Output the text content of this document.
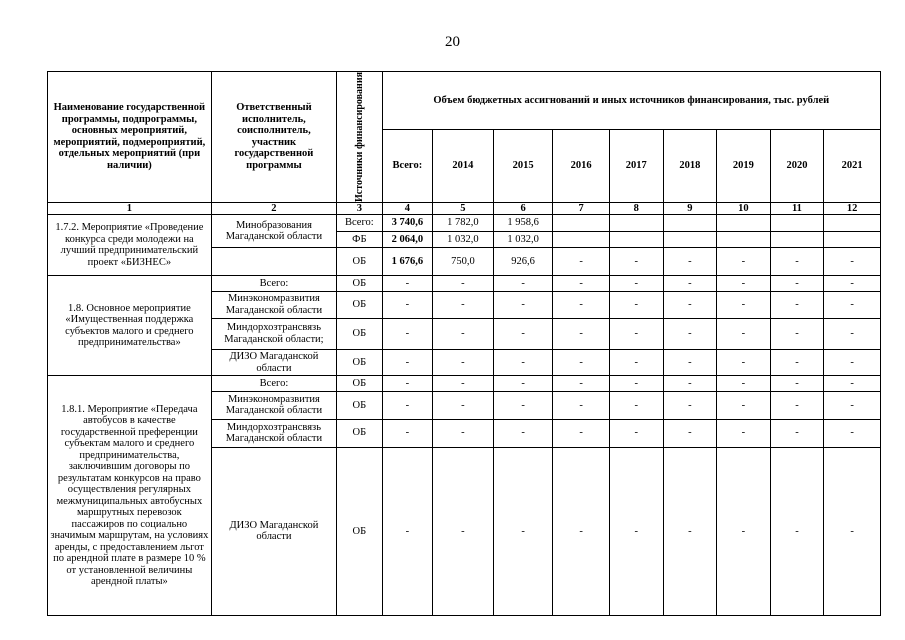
20
Наименование государственной программы, подпрограммы, основных мероприятий, мероприятий, подмероприятий, отдельных мероприятий (при наличии)	Ответственный исполнитель, соисполнитель, участник государственной программы	Источники финансирования	Объем бюджетных ассигнований и иных источников финансирования, тыс. рублей								
			Всего:	2014	2015	2016	2017	2018	2019	2020	2021
1	2	3	4	5	6	7	8	9	10	11	12
1.7.2. Мероприятие «Проведение конкурса среди молодежи на лучший предпринимательский проект «БИЗНЕС»	Минобразования Магаданской области	Всего:	3 740,6	1 782,0	1 958,6						
		ФБ	2 064,0	1 032,0	1 032,0						
		ОБ	1 676,6	750,0	926,6	-	-	-	-	-	-
1.8. Основное мероприятие «Имущественная поддержка субъектов малого и среднего предпринимательства»	Всего:	ОБ	-	-	-	-	-	-	-	-	-
	Минэкономразвития Магаданской области	ОБ	-	-	-	-	-	-	-	-	-
	Миндорхозтрансвязь Магаданской области;	ОБ	-	-	-	-	-	-	-	-	-
	ДИЗО Магаданской области	ОБ	-	-	-	-	-	-	-	-	-
1.8.1. Мероприятие «Передача автобусов в качестве государственной преференции субъектам малого и среднего предпринимательства, заключившим договоры по результатам конкурсов на право осуществления регулярных межмуниципальных автобусных маршрутных перевозок пассажиров по социально значимым маршрутам, на условиях аренды, с предоставлением льгот по арендной плате в размере 10 % от установленной величины арендной платы»	Всего:	ОБ	-	-	-	-	-	-	-	-	-
	Минэкономразвития Магаданской области	ОБ	-	-	-	-	-	-	-	-	-
	Миндорхозтрансвязь Магаданской области	ОБ	-	-	-	-	-	-	-	-	-
	ДИЗО Магаданской области	ОБ	-	-	-	-	-	-	-	-	-
